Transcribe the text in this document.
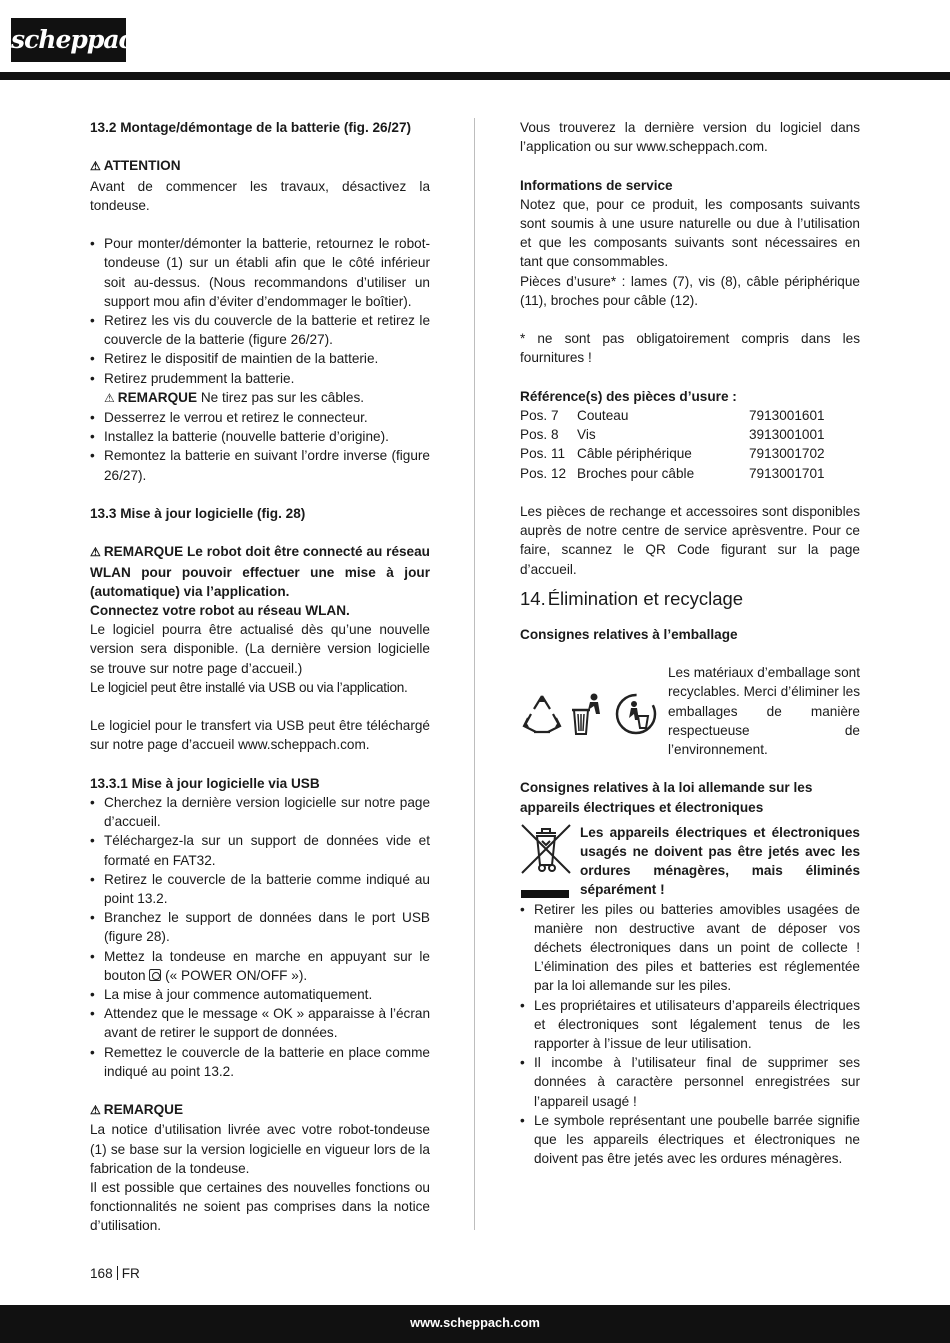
scheppach
13.2 Montage/démontage de la batterie (fig. 26/27)
⚠ ATTENTION
Avant de commencer les travaux, désactivez la tondeuse.
• Pour monter/démonter la batterie, retournez le robot-tondeuse (1) sur un établi afin que le côté inférieur soit au-dessus. (Nous recommandons d’utiliser un support mou afin d’éviter d’endommager le boîtier).
• Retirez les vis du couvercle de la batterie et retirez le couvercle de la batterie (figure 26/27).
• Retirez le dispositif de maintien de la batterie.
• Retirez prudemment la batterie.
⚠ REMARQUE Ne tirez pas sur les câbles.
• Desserrez le verrou et retirez le connecteur.
• Installez la batterie (nouvelle batterie d’origine).
• Remontez la batterie en suivant l’ordre inverse (figure 26/27).
13.3 Mise à jour logicielle (fig. 28)
⚠ REMARQUE Le robot doit être connecté au réseau WLAN pour pouvoir effectuer une mise à jour (automatique) via l’application.
Connectez votre robot au réseau WLAN.
Le logiciel pourra être actualisé dès qu’une nouvelle version sera disponible. (La dernière version logicielle se trouve sur notre page d’accueil.)
Le logiciel peut être installé via USB ou via l’application.
Le logiciel pour le transfert via USB peut être téléchargé sur notre page d’accueil www.scheppach.com.
13.3.1 Mise à jour logicielle via USB
• Cherchez la dernière version logicielle sur notre page d’accueil.
• Téléchargez-la sur un support de données vide et formaté en FAT32.
• Retirez le couvercle de la batterie comme indiqué au point 13.2.
• Branchez le support de données dans le port USB (figure 28).
• Mettez la tondeuse en marche en appuyant sur le bouton  (« POWER ON/OFF »).
• La mise à jour commence automatiquement.
• Attendez que le message « OK » apparaisse à l’écran avant de retirer le support de données.
• Remettez le couvercle de la batterie en place comme indiqué au point 13.2.
⚠ REMARQUE
La notice d’utilisation livrée avec votre robot-tondeuse (1) se base sur la version logicielle en vigueur lors de la fabrication de la tondeuse.
Il est possible que certaines des nouvelles fonctions ou fonctionnalités ne soient pas comprises dans la notice d’utilisation.
Vous trouverez la dernière version du logiciel dans l’application ou sur www.scheppach.com.
Informations de service
Notez que, pour ce produit, les composants suivants sont soumis à une usure naturelle ou due à l’utilisation et que les composants suivants sont nécessaires en tant que consommables.
Pièces d’usure* : lames (7), vis (8), câble périphérique (11), broches pour câble (12).
* ne sont pas obligatoirement compris dans les fournitures !
Référence(s) des pièces d’usure :
Pos. 7	Couteau	7913001601
Pos. 8	Vis	3913001001
Pos. 11	Câble périphérique	7913001702
Pos. 12	Broches pour câble	7913001701
Les pièces de rechange et accessoires sont disponibles auprès de notre centre de service aprèsventre. Pour ce faire, scannez le QR Code figurant sur la page d’accueil.
14. Élimination et recyclage
Consignes relatives à l’emballage
Les matériaux d’emballage sont recyclables. Merci d’éliminer les emballages de manière respectueuse de l’environnement.
Consignes relatives à la loi allemande sur les appareils électriques et électroniques
Les appareils électriques et électroniques usagés ne doivent pas être jetés avec les ordures ménagères, mais éliminés séparément !
• Retirer les piles ou batteries amovibles usagées de manière non destructive avant de déposer vos déchets électroniques dans un point de collecte ! L’élimination des piles et batteries est réglementée par la loi allemande sur les piles.
• Les propriétaires et utilisateurs d’appareils électriques et électroniques sont légalement tenus de les rapporter à l’issue de leur utilisation.
• Il incombe à l’utilisateur final de supprimer ses données à caractère personnel enregistrées sur l’appareil usagé !
• Le symbole représentant une poubelle barrée signifie que les appareils électriques et électroniques ne doivent pas être jetés avec les ordures ménagères.
168 FR
www.scheppach.com
